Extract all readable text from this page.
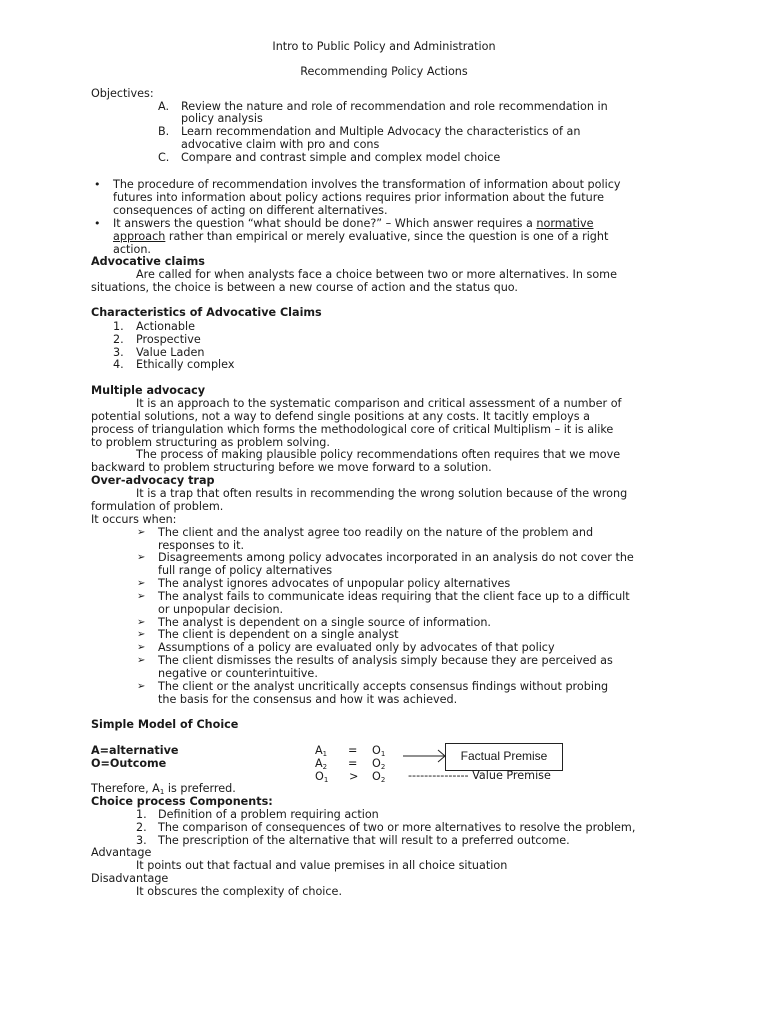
Intro to Public Policy and Administration
Recommending Policy Actions
Objectives:
A. Review the nature and role of recommendation and role recommendation in
policy analysis
B. Learn recommendation and Multiple Advocacy the characteristics of an
advocative claim with pro and cons
C. Compare and contrast simple and complex model choice
• The procedure of recommendation involves the transformation of information about policy
futures into information about policy actions requires prior information about the future
consequences of acting on different alternatives.
• It answers the question “what should be done?” – Which answer requires a normative
approach rather than empirical or merely evaluative, since the question is one of a right
action.
Advocative claims
Are called for when analysts face a choice between two or more alternatives. In some
situations, the choice is between a new course of action and the status quo.
Characteristics of Advocative Claims
1. Actionable
2. Prospective
3. Value Laden
4. Ethically complex
Multiple advocacy
It is an approach to the systematic comparison and critical assessment of a number of
potential solutions, not a way to defend single positions at any costs. It tacitly employs a
process of triangulation which forms the methodological core of critical Multiplism – it is alike
to problem structuring as problem solving.
The process of making plausible policy recommendations often requires that we move
backward to problem structuring before we move forward to a solution.
Over-advocacy trap
It is a trap that often results in recommending the wrong solution because of the wrong
formulation of problem.
It occurs when:
➢ The client and the analyst agree too readily on the nature of the problem and
responses to it.
➢ Disagreements among policy advocates incorporated in an analysis do not cover the
full range of policy alternatives
➢ The analyst ignores advocates of unpopular policy alternatives
➢ The analyst fails to communicate ideas requiring that the client face up to a difficult
or unpopular decision.
➢ The analyst is dependent on a single source of information.
➢ The client is dependent on a single analyst
➢ Assumptions of a policy are evaluated only by advocates of that policy
➢ The client dismisses the results of analysis simply because they are perceived as
negative or counterintuitive.
➢ The client or the analyst uncritically accepts consensus findings without probing
the basis for the consensus and how it was achieved.
Simple Model of Choice
A=alternative
O=Outcome
$A_1 = O_1$
$A_2 = O_2$
$O_1 > O_2$
Factual Premise
--------------- Value Premise
Therefore, $A_1$ is preferred.
Choice process Components:
1. Definition of a problem requiring action
2. The comparison of consequences of two or more alternatives to resolve the problem,
3. The prescription of the alternative that will result to a preferred outcome.
Advantage
It points out that factual and value premises in all choice situation
Disadvantage
It obscures the complexity of choice.
